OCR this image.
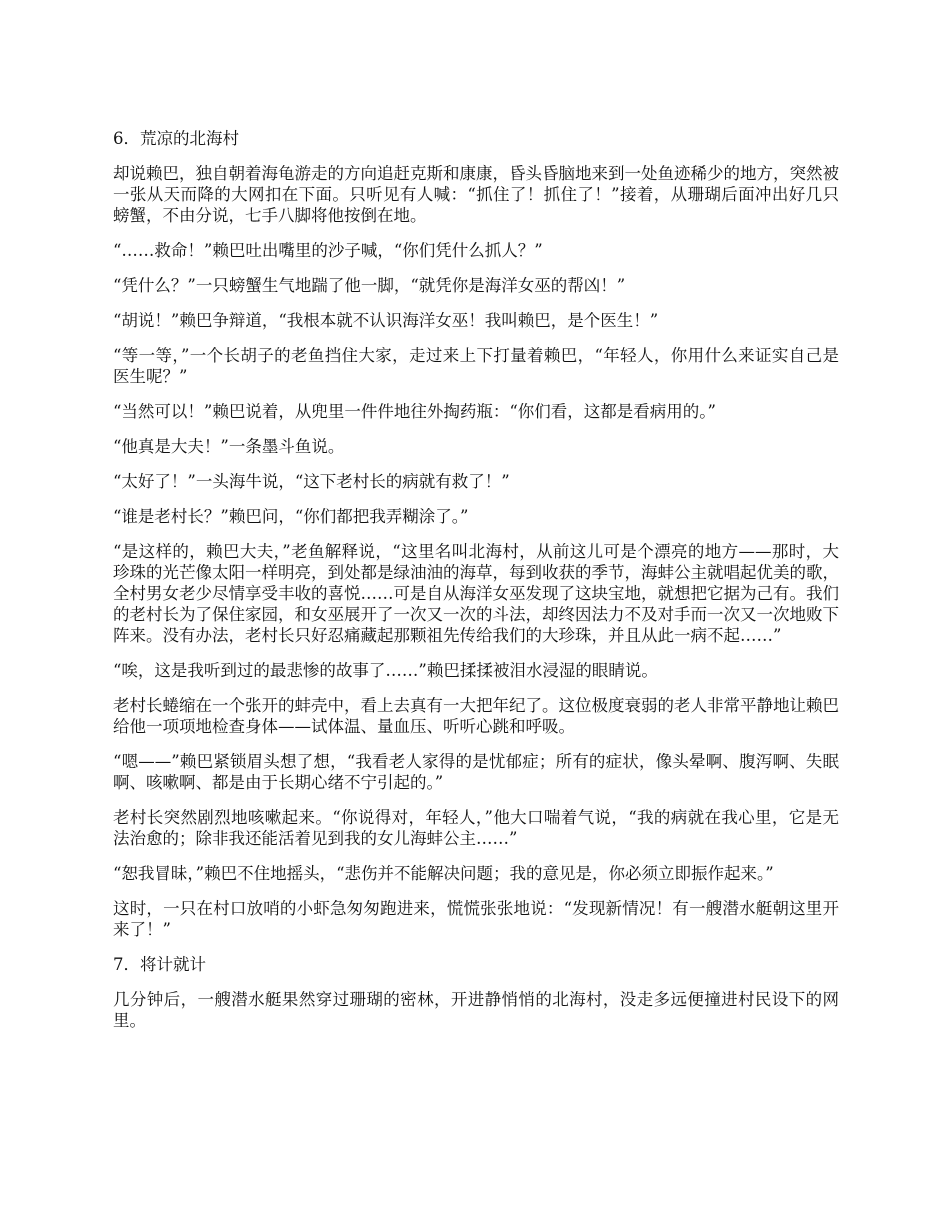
6．荒凉的北海村

却说赖巴，独自朝着海龟游走的方向追赶克斯和康康，昏头昏脑地来到一处鱼迹稀少的地方，突然被一张从天而降的大网扣在下面。只听见有人喊：“抓住了！抓住了！”接着，从珊瑚后面冲出好几只螃蟹，不由分说，七手八脚将他按倒在地。

“……救命！”赖巴吐出嘴里的沙子喊，“你们凭什么抓人？”

“凭什么？”一只螃蟹生气地踹了他一脚，“就凭你是海洋女巫的帮凶！”

“胡说！”赖巴争辩道，“我根本就不认识海洋女巫！我叫赖巴，是个医生！”

“等一等，”一个长胡子的老鱼挡住大家，走过来上下打量着赖巴，“年轻人，你用什么来证实自己是医生呢？”

“当然可以！”赖巴说着，从兜里一件件地往外掏药瓶：“你们看，这都是看病用的。”

“他真是大夫！”一条墨斗鱼说。

“太好了！”一头海牛说，“这下老村长的病就有救了！”

“谁是老村长？”赖巴问，“你们都把我弄糊涂了。”

“是这样的，赖巴大夫，”老鱼解释说，“这里名叫北海村，从前这儿可是个漂亮的地方——那时，大珍珠的光芒像太阳一样明亮，到处都是绿油油的海草，每到收获的季节，海蚌公主就唱起优美的歌，全村男女老少尽情享受丰收的喜悦……可是自从海洋女巫发现了这块宝地，就想把它据为己有。我们的老村长为了保住家园，和女巫展开了一次又一次的斗法，却终因法力不及对手而一次又一次地败下阵来。没有办法，老村长只好忍痛藏起那颗祖先传给我们的大珍珠，并且从此一病不起……”

“唉，这是我听到过的最悲惨的故事了……”赖巴揉揉被泪水浸湿的眼睛说。

老村长蜷缩在一个张开的蚌壳中，看上去真有一大把年纪了。这位极度衰弱的老人非常平静地让赖巴给他一项项地检查身体——试体温、量血压、听听心跳和呼吸。

“嗯——”赖巴紧锁眉头想了想，“我看老人家得的是忧郁症；所有的症状，像头晕啊、腹泻啊、失眠啊、咳嗽啊、都是由于长期心绪不宁引起的。”

老村长突然剧烈地咳嗽起来。“你说得对，年轻人，”他大口喘着气说，“我的病就在我心里，它是无法治愈的；除非我还能活着见到我的女儿海蚌公主……”

“恕我冒昧，”赖巴不住地摇头，“悲伤并不能解决问题；我的意见是，你必须立即振作起来。”

这时，一只在村口放哨的小虾急匆匆跑进来，慌慌张张地说：“发现新情况！有一艘潜水艇朝这里开来了！”

7．将计就计

几分钟后，一艘潜水艇果然穿过珊瑚的密林，开进静悄悄的北海村，没走多远便撞进村民设下的网里。
